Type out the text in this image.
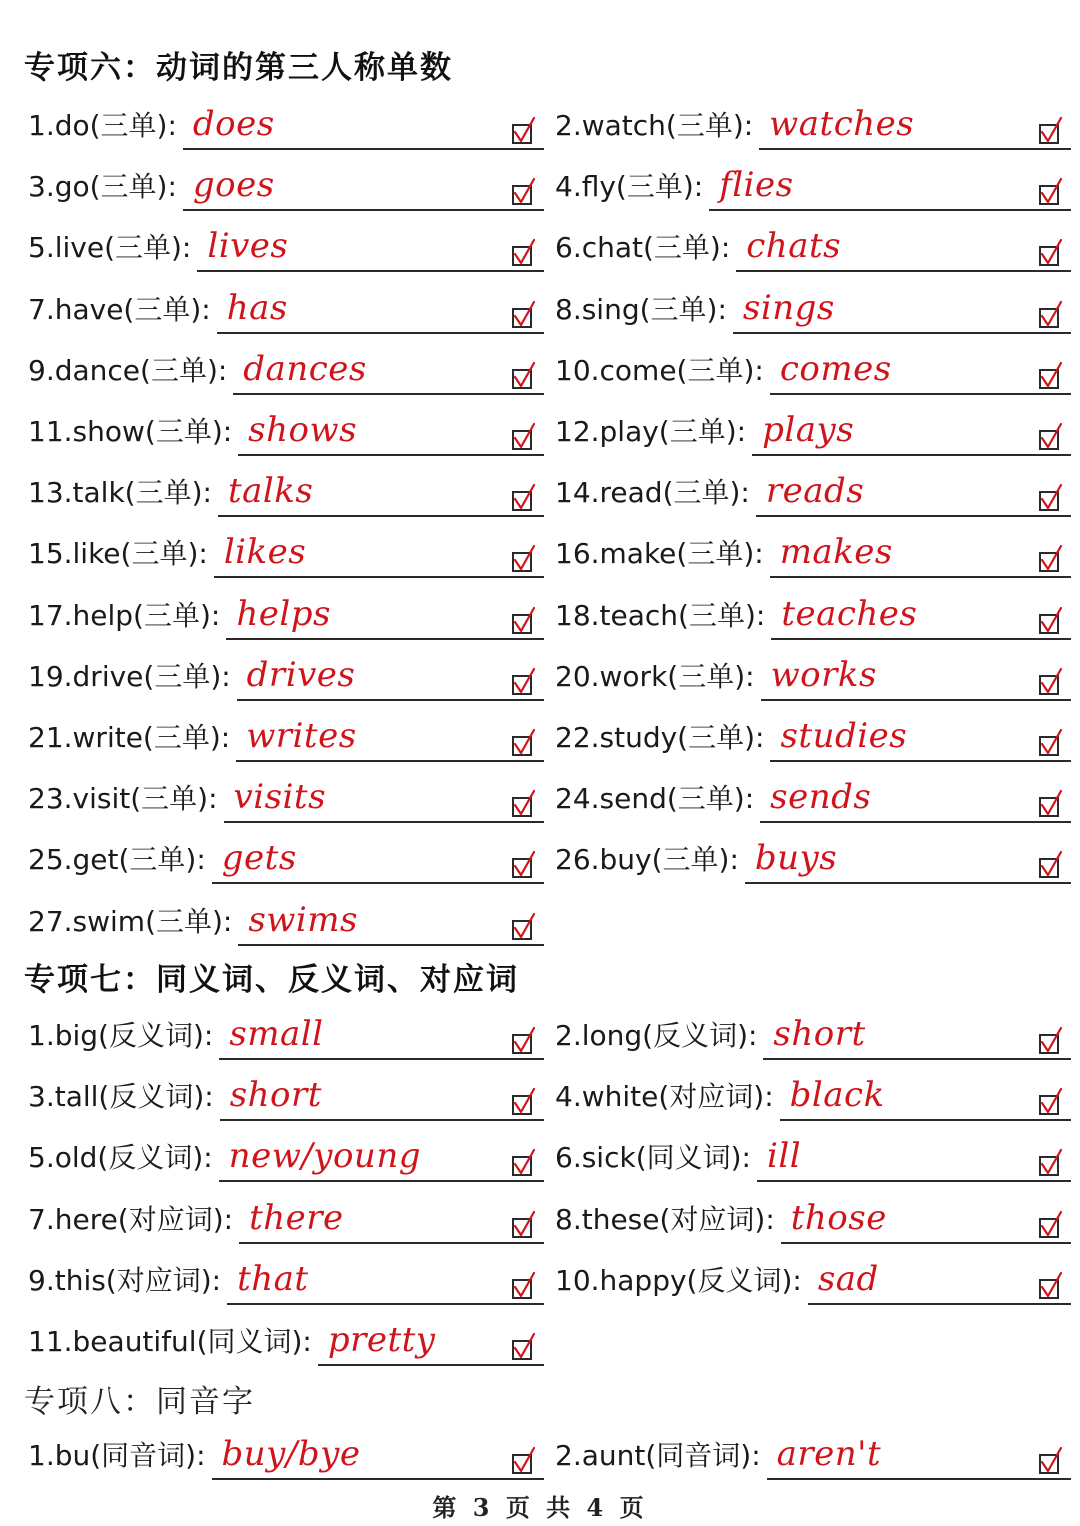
专项六：动词的第三人称单数
1.do(三单): does	2.watch(三单): watches
3.go(三单): goes	4.fly(三单): flies
5.live(三单): lives	6.chat(三单): chats
7.have(三单): has	8.sing(三单): sings
9.dance(三单): dances	10.come(三单): comes
11.show(三单): shows	12.play(三单): plays
13.talk(三单): talks	14.read(三单): reads
15.like(三单): likes	16.make(三单): makes
17.help(三单): helps	18.teach(三单): teaches
19.drive(三单): drives	20.work(三单): works
21.write(三单): writes	22.study(三单): studies
23.visit(三单): visits	24.send(三单): sends
25.get(三单): gets	26.buy(三单): buys
27.swim(三单): swims
专项七：同义词、反义词、对应词
1.big(反义词): small	2.long(反义词): short
3.tall(反义词): short	4.white(对应词): black
5.old(反义词): new/young	6.sick(同义词): ill
7.here(对应词): there	8.these(对应词): those
9.this(对应词): that	10.happy(反义词): sad
11.beautiful(同义词): pretty
专项八：同音字
1.bu(同音词): buy/bye	2.aunt(同音词): aren't
第 3 页 共 4 页
